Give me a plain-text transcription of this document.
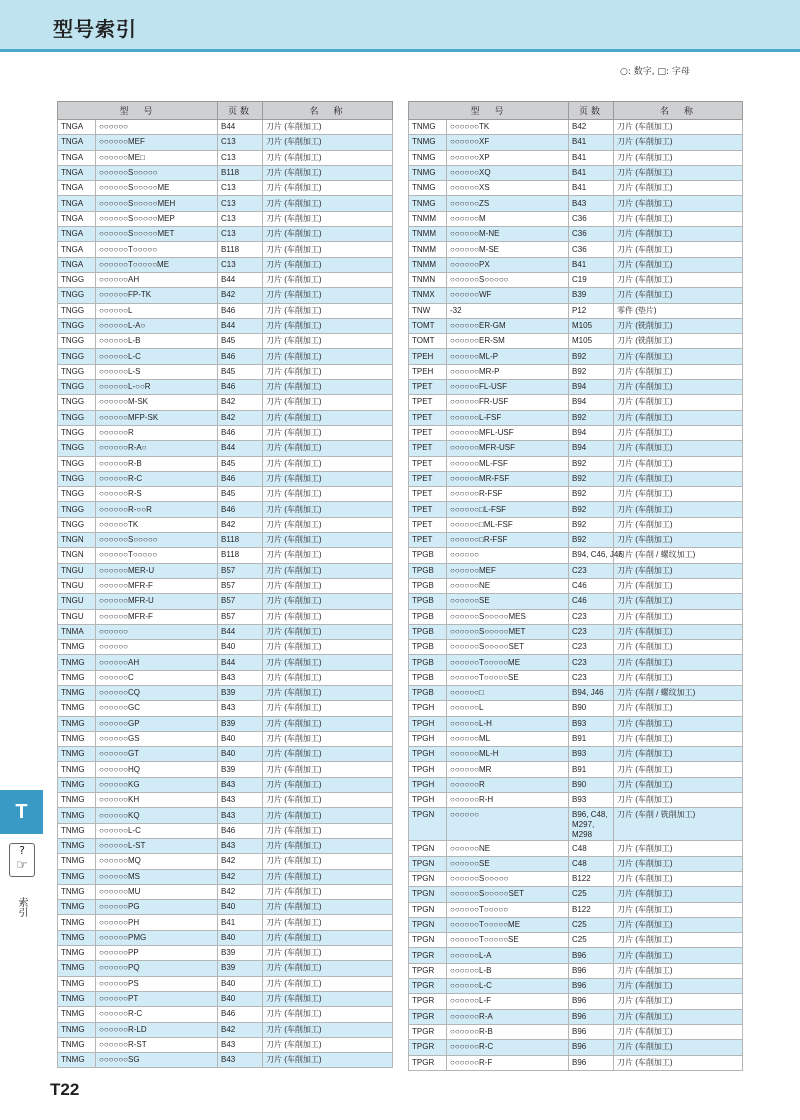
型号索引
○: 数字, □: 字母
型　号		页数	名　称
TNGA	○○○○○○	B44	刀片 (车削加工)
TNGA	○○○○○○MEF	C13	刀片 (车削加工)
TNGA	○○○○○○ME□	C13	刀片 (车削加工)
TNGA	○○○○○○S○○○○○	B118	刀片 (车削加工)
TNGA	○○○○○○S○○○○○ME	C13	刀片 (车削加工)
TNGA	○○○○○○S○○○○○MEH	C13	刀片 (车削加工)
TNGA	○○○○○○S○○○○○MEP	C13	刀片 (车削加工)
TNGA	○○○○○○S○○○○○MET	C13	刀片 (车削加工)
TNGA	○○○○○○T○○○○○	B118	刀片 (车削加工)
TNGA	○○○○○○T○○○○○ME	C13	刀片 (车削加工)
TNGG	○○○○○○AH	B44	刀片 (车削加工)
TNGG	○○○○○○FP-TK	B42	刀片 (车削加工)
TNGG	○○○○○○L	B46	刀片 (车削加工)
TNGG	○○○○○○L-A○	B44	刀片 (车削加工)
TNGG	○○○○○○L-B	B45	刀片 (车削加工)
TNGG	○○○○○○L-C	B46	刀片 (车削加工)
TNGG	○○○○○○L-S	B45	刀片 (车削加工)
TNGG	○○○○○○L-○○R	B46	刀片 (车削加工)
TNGG	○○○○○○M-SK	B42	刀片 (车削加工)
TNGG	○○○○○○MFP-SK	B42	刀片 (车削加工)
TNGG	○○○○○○R	B46	刀片 (车削加工)
TNGG	○○○○○○R-A○	B44	刀片 (车削加工)
TNGG	○○○○○○R-B	B45	刀片 (车削加工)
TNGG	○○○○○○R-C	B46	刀片 (车削加工)
TNGG	○○○○○○R-S	B45	刀片 (车削加工)
TNGG	○○○○○○R-○○R	B46	刀片 (车削加工)
TNGG	○○○○○○TK	B42	刀片 (车削加工)
TNGN	○○○○○○S○○○○○	B118	刀片 (车削加工)
TNGN	○○○○○○T○○○○○	B118	刀片 (车削加工)
TNGU	○○○○○○MER-U	B57	刀片 (车削加工)
TNGU	○○○○○○MFR-F	B57	刀片 (车削加工)
TNGU	○○○○○○MFR-U	B57	刀片 (车削加工)
TNGU	○○○○○○MFR-F	B57	刀片 (车削加工)
TNMA	○○○○○○	B44	刀片 (车削加工)
TNMG	○○○○○○	B40	刀片 (车削加工)
TNMG	○○○○○○AH	B44	刀片 (车削加工)
TNMG	○○○○○○C	B43	刀片 (车削加工)
TNMG	○○○○○○CQ	B39	刀片 (车削加工)
TNMG	○○○○○○GC	B43	刀片 (车削加工)
TNMG	○○○○○○GP	B39	刀片 (车削加工)
TNMG	○○○○○○GS	B40	刀片 (车削加工)
TNMG	○○○○○○GT	B40	刀片 (车削加工)
TNMG	○○○○○○HQ	B39	刀片 (车削加工)
TNMG	○○○○○○KG	B43	刀片 (车削加工)
TNMG	○○○○○○KH	B43	刀片 (车削加工)
TNMG	○○○○○○KQ	B43	刀片 (车削加工)
TNMG	○○○○○○L-C	B46	刀片 (车削加工)
TNMG	○○○○○○L-ST	B43	刀片 (车削加工)
TNMG	○○○○○○MQ	B42	刀片 (车削加工)
TNMG	○○○○○○MS	B42	刀片 (车削加工)
TNMG	○○○○○○MU	B42	刀片 (车削加工)
TNMG	○○○○○○PG	B40	刀片 (车削加工)
TNMG	○○○○○○PH	B41	刀片 (车削加工)
TNMG	○○○○○○PMG	B40	刀片 (车削加工)
TNMG	○○○○○○PP	B39	刀片 (车削加工)
TNMG	○○○○○○PQ	B39	刀片 (车削加工)
TNMG	○○○○○○PS	B40	刀片 (车削加工)
TNMG	○○○○○○PT	B40	刀片 (车削加工)
TNMG	○○○○○○R-C	B46	刀片 (车削加工)
TNMG	○○○○○○R-LD	B42	刀片 (车削加工)
TNMG	○○○○○○R-ST	B43	刀片 (车削加工)
TNMG	○○○○○○SG	B43	刀片 (车削加工)
型　号		页数	名　称
TNMG	○○○○○○TK	B42	刀片 (车削加工)
TNMG	○○○○○○XF	B41	刀片 (车削加工)
TNMG	○○○○○○XP	B41	刀片 (车削加工)
TNMG	○○○○○○XQ	B41	刀片 (车削加工)
TNMG	○○○○○○XS	B41	刀片 (车削加工)
TNMG	○○○○○○ZS	B43	刀片 (车削加工)
TNMM	○○○○○○M	C36	刀片 (车削加工)
TNMM	○○○○○○M-NE	C36	刀片 (车削加工)
TNMM	○○○○○○M-SE	C36	刀片 (车削加工)
TNMM	○○○○○○PX	B41	刀片 (车削加工)
TNMN	○○○○○○S○○○○○	C19	刀片 (车削加工)
TNMX	○○○○○○WF	B39	刀片 (车削加工)
TNW	-32	P12	零件 (垫片)
TOMT	○○○○○○ER-GM	M105	刀片 (铣削加工)
TOMT	○○○○○○ER-SM	M105	刀片 (铣削加工)
TPEH	○○○○○○ML-P	B92	刀片 (车削加工)
TPEH	○○○○○○MR-P	B92	刀片 (车削加工)
TPET	○○○○○○FL-USF	B94	刀片 (车削加工)
TPET	○○○○○○FR-USF	B94	刀片 (车削加工)
TPET	○○○○○○L-FSF	B92	刀片 (车削加工)
TPET	○○○○○○MFL-USF	B94	刀片 (车削加工)
TPET	○○○○○○MFR-USF	B94	刀片 (车削加工)
TPET	○○○○○○ML-FSF	B92	刀片 (车削加工)
TPET	○○○○○○MR-FSF	B92	刀片 (车削加工)
TPET	○○○○○○R-FSF	B92	刀片 (车削加工)
TPET	○○○○○○□L-FSF	B92	刀片 (车削加工)
TPET	○○○○○○□ML-FSF	B92	刀片 (车削加工)
TPET	○○○○○○□R-FSF	B92	刀片 (车削加工)
TPGB	○○○○○○	B94, C46, J46	刀片 (车削 / 螺纹加工)
TPGB	○○○○○○MEF	C23	刀片 (车削加工)
TPGB	○○○○○○NE	C46	刀片 (车削加工)
TPGB	○○○○○○SE	C46	刀片 (车削加工)
TPGB	○○○○○○S○○○○○MES	C23	刀片 (车削加工)
TPGB	○○○○○○S○○○○○MET	C23	刀片 (车削加工)
TPGB	○○○○○○S○○○○○SET	C23	刀片 (车削加工)
TPGB	○○○○○○T○○○○○ME	C23	刀片 (车削加工)
TPGB	○○○○○○T○○○○○SE	C23	刀片 (车削加工)
TPGB	○○○○○○□	B94, J46	刀片 (车削 / 螺纹加工)
TPGH	○○○○○○L	B90	刀片 (车削加工)
TPGH	○○○○○○L-H	B93	刀片 (车削加工)
TPGH	○○○○○○ML	B91	刀片 (车削加工)
TPGH	○○○○○○ML-H	B93	刀片 (车削加工)
TPGH	○○○○○○MR	B91	刀片 (车削加工)
TPGH	○○○○○○R	B90	刀片 (车削加工)
TPGH	○○○○○○R-H	B93	刀片 (车削加工)
TPGN	○○○○○○	B96, C48, M297, M298	刀片 (车削 / 铣削加工)
TPGN	○○○○○○NE	C48	刀片 (车削加工)
TPGN	○○○○○○SE	C48	刀片 (车削加工)
TPGN	○○○○○○S○○○○○	B122	刀片 (车削加工)
TPGN	○○○○○○S○○○○○SET	C25	刀片 (车削加工)
TPGN	○○○○○○T○○○○○	B122	刀片 (车削加工)
TPGN	○○○○○○T○○○○○ME	C25	刀片 (车削加工)
TPGN	○○○○○○T○○○○○SE	C25	刀片 (车削加工)
TPGR	○○○○○○L-A	B96	刀片 (车削加工)
TPGR	○○○○○○L-B	B96	刀片 (车削加工)
TPGR	○○○○○○L-C	B96	刀片 (车削加工)
TPGR	○○○○○○L-F	B96	刀片 (车削加工)
TPGR	○○○○○○R-A	B96	刀片 (车削加工)
TPGR	○○○○○○R-B	B96	刀片 (车削加工)
TPGR	○○○○○○R-C	B96	刀片 (车削加工)
TPGR	○○○○○○R-F	B96	刀片 (车削加工)
T
?
☞
索引
T22
